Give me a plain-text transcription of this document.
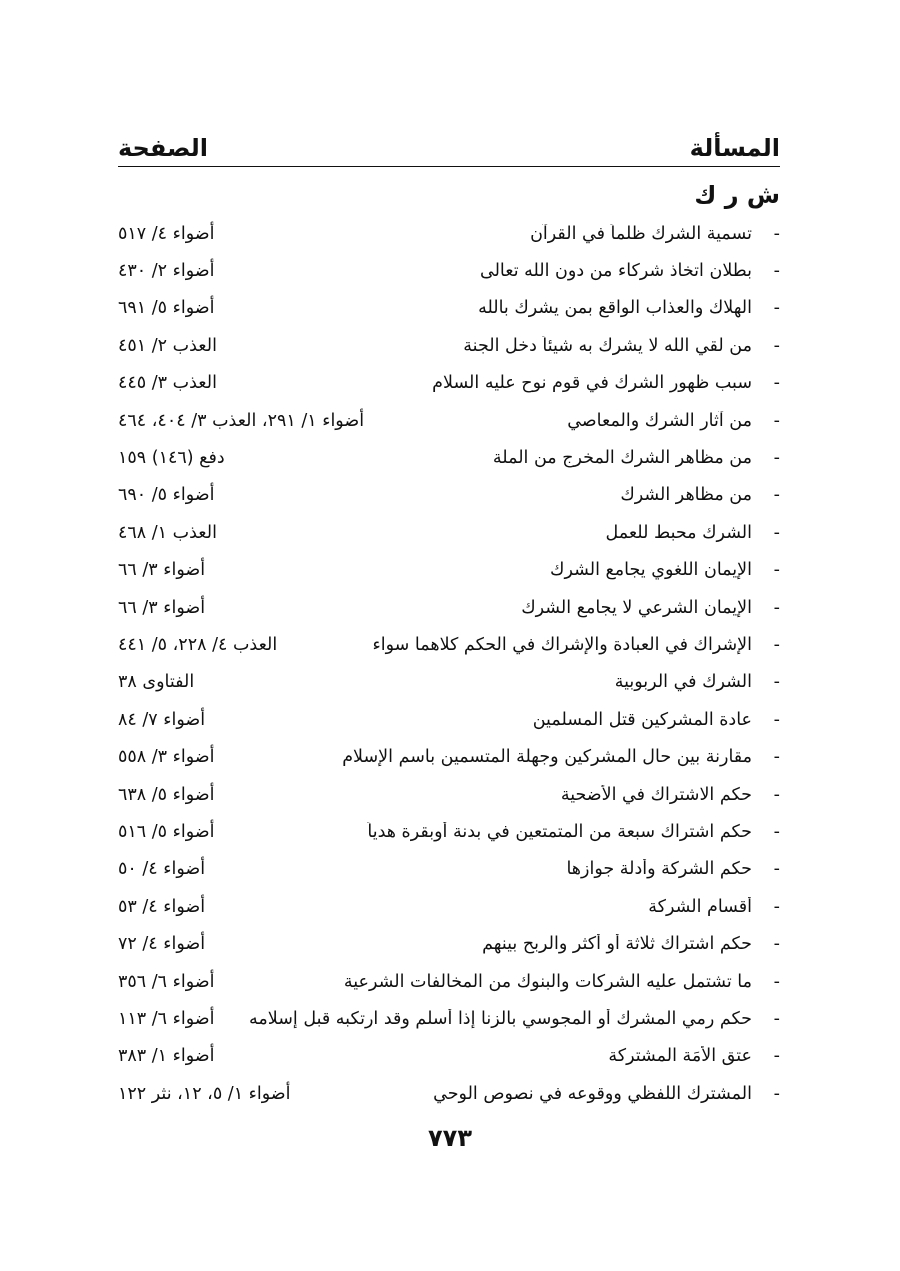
المسألة
الصفحة
ش ر ك
-
تسمية الشرك ظلماً في القرآن
أضواء ٤/ ٥١٧
-
بطلان اتخاذ شركاء من دون الله تعالى
أضواء ٢/ ٤٣٠
-
الهلاك والعذاب الواقع بمن يشرك بالله
أضواء ٥/ ٦٩١
-
من لقي الله لا يشرك به شيئاً دخل الجنة
العذب ٢/ ٤٥١
-
سبب ظهور الشرك في قوم نوح عليه السلام
العذب ٣/ ٤٤٥
-
من آثار الشرك والمعاصي
أضواء ١/ ٢٩١، العذب ٣/ ٤٠٤، ٤٦٤
-
من مظاهر الشرك المخرج من الملة
دفع (١٤٦) ١٥٩
-
من مظاهر الشرك
أضواء ٥/ ٦٩٠
-
الشرك محبط للعمل
العذب ١/ ٤٦٨
-
الإيمان اللغوي يجامع الشرك
أضواء ٣/ ٦٦
-
الإيمان الشرعي لا يجامع الشرك
أضواء ٣/ ٦٦
-
الإشراك في العبادة والإشراك في الحكم كلاهما سواء
العذب ٤/ ٢٢٨، ٥/ ٤٤١
-
الشرك في الربوبية
الفتاوى ٣٨
-
عادة المشركين قتل المسلمين
أضواء ٧/ ٨٤
-
مقارنة بين حال المشركين وجهلة المتسمين باسم الإسلام
أضواء ٣/ ٥٥٨
-
حكم الاشتراك في الأضحية
أضواء ٥/ ٦٣٨
-
حكم اشتراك سبعة من المتمتعين في بدنة أوبقرة هدياً
أضواء ٥/ ٥١٦
-
حكم الشركة وأدلة جوازها
أضواء ٤/ ٥٠
-
أقسام الشركة
أضواء ٤/ ٥٣
-
حكم اشتراك ثلاثة أو أكثر والربح بينهم
أضواء ٤/ ٧٢
-
ما تشتمل عليه الشركات والبنوك من المخالفات الشرعية
أضواء ٦/ ٣٥٦
-
حكم رمي المشرك أو المجوسي بالزنا إذا أسلم وقد ارتكبه قبل إسلامه
أضواء ٦/ ١١٣
-
عتق الأمَة المشتركة
أضواء ١/ ٣٨٣
-
المشترك اللفظي ووقوعه في نصوص الوحي
أضواء ١/ ٥، ١٢، نثر ١٢٢
٧٧٣
